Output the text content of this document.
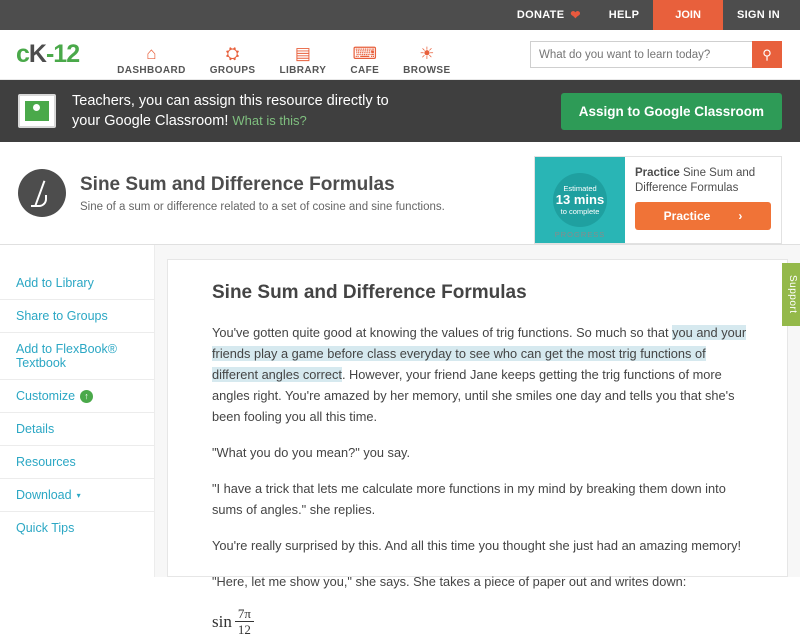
DONATE ❤	HELP	JOIN	SIGN IN
c K -12	⌂
DASHBOARD
⛭
GROUPS
▤
LIBRARY
⌨
CAFE
☀
BROWSE
What do you want to learn today?
⚲
Teachers, you can assign this resource directly to
your Google Classroom! What is this?
Assign to Google Classroom
Sine Sum and Difference Formulas

Sine of a sum or difference related to a set of cosine and sine functions.

Estimated
13 mins
to complete
PROGRESS
Practice Sine Sum and Difference Formulas
Practice ›
Add to Library
Share to Groups
Add to FlexBook® Textbook
Customize	↑
Details
Resources
Download ▾
Quick Tips
Sine Sum and Difference Formulas

You've gotten quite good at knowing the values of trig functions. So much so that you and your friends play a game before class everyday to see who can get the most trig functions of different angles correct. However, your friend Jane keeps getting the trig functions of more angles right. You're amazed by her memory, until she smiles one day and tells you that she's been fooling you all this time.

"What you do you mean?" you say.

"I have a trick that lets me calculate more functions in my mind by breaking them down into sums of angles." she replies.

You're really surprised by this. And all this time you thought she just had an amazing memory!

"Here, let me show you," she says. She takes a piece of paper out and writes down:

$\sin \frac{7\pi}{12}$
Support
